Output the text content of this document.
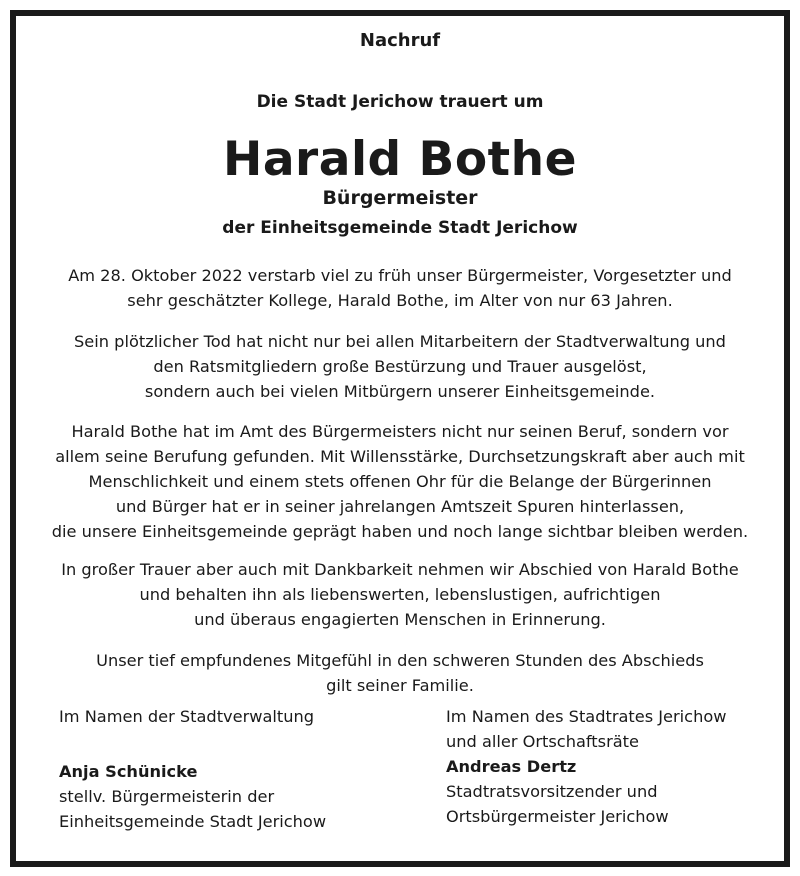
Nachruf

Die Stadt Jerichow trauert um

Harald Bothe

Bürgermeister

der Einheitsgemeinde Stadt Jerichow

Am 28. Oktober 2022 verstarb viel zu früh unser Bürgermeister, Vorgesetzter und
sehr geschätzter Kollege, Harald Bothe, im Alter von nur 63 Jahren.

Sein plötzlicher Tod hat nicht nur bei allen Mitarbeitern der Stadtverwaltung und
den Ratsmitgliedern große Bestürzung und Trauer ausgelöst,
sondern auch bei vielen Mitbürgern unserer Einheitsgemeinde.

Harald Bothe hat im Amt des Bürgermeisters nicht nur seinen Beruf, sondern vor
allem seine Berufung gefunden. Mit Willensstärke, Durchsetzungskraft aber auch mit
Menschlichkeit und einem stets offenen Ohr für die Belange der Bürgerinnen
und Bürger hat er in seiner jahrelangen Amtszeit Spuren hinterlassen,
die unsere Einheitsgemeinde geprägt haben und noch lange sichtbar bleiben werden.

In großer Trauer aber auch mit Dankbarkeit nehmen wir Abschied von Harald Bothe
und behalten ihn als liebenswerten, lebenslustigen, aufrichtigen
und überaus engagierten Menschen in Erinnerung.

Unser tief empfundenes Mitgefühl in den schweren Stunden des Abschieds
gilt seiner Familie.

Im Namen der Stadtverwaltung
Anja Schünicke
stellv. Bürgermeisterin der
Einheitsgemeinde Stadt Jerichow
Im Namen des Stadtrates Jerichow
und aller Ortschaftsräte
Andreas Dertz
Stadtratsvorsitzender und
Ortsbürgermeister Jerichow
